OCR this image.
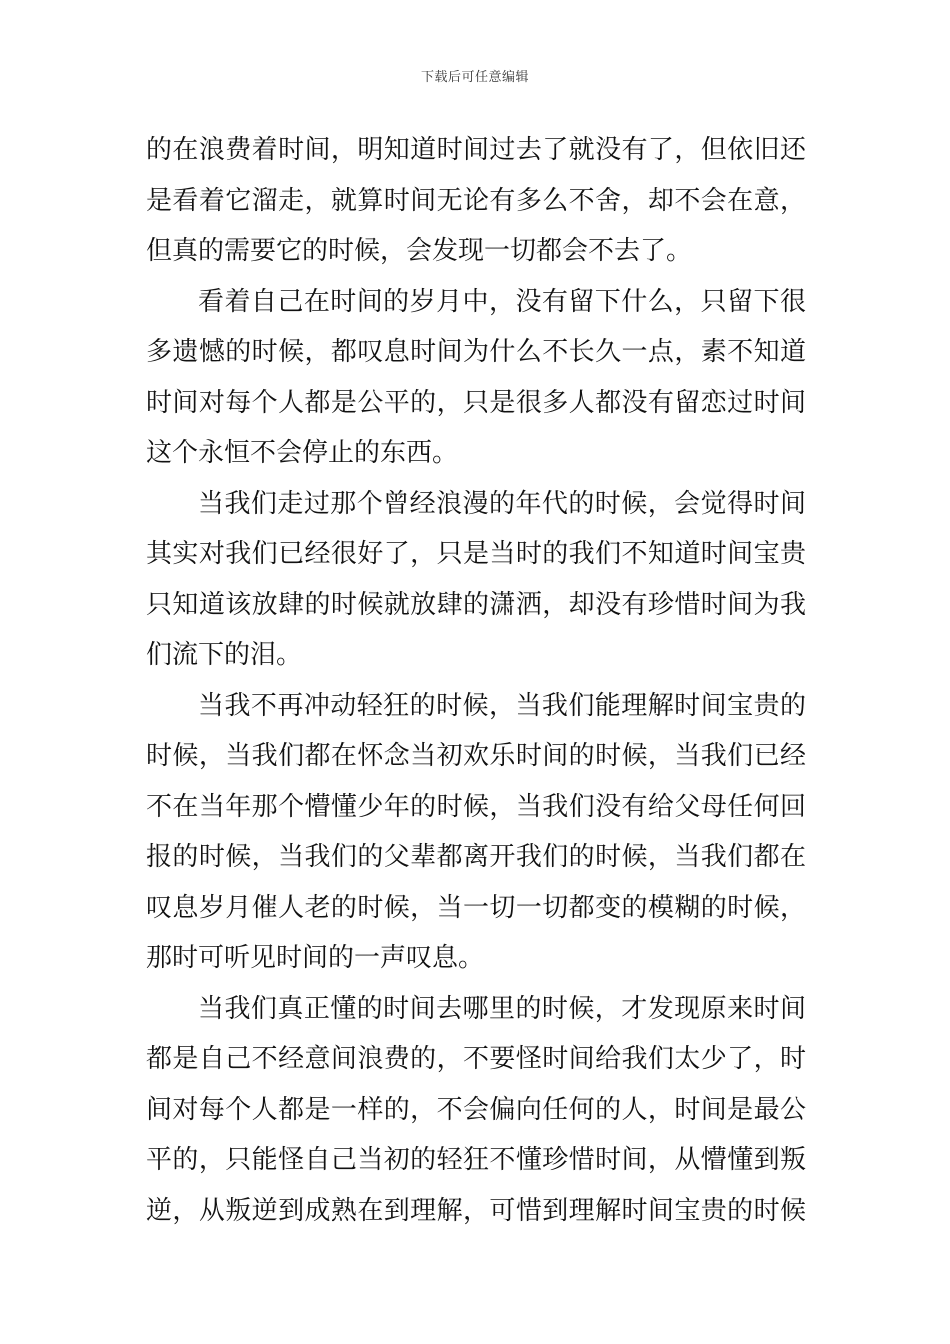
下载后可任意编辑

的在浪费着时间，明知道时间过去了就没有了，但依旧还
是看着它溜走，就算时间无论有多么不舍，却不会在意，
但真的需要它的时候，会发现一切都会不去了。

看着自己在时间的岁月中，没有留下什么，只留下很
多遗憾的时候，都叹息时间为什么不长久一点，素不知道
时间对每个人都是公平的，只是很多人都没有留恋过时间
这个永恒不会停止的东西。

当我们走过那个曾经浪漫的年代的时候，会觉得时间
其实对我们已经很好了，只是当时的我们不知道时间宝贵
只知道该放肆的时候就放肆的潇洒，却没有珍惜时间为我
们流下的泪。

当我不再冲动轻狂的时候，当我们能理解时间宝贵的
时候，当我们都在怀念当初欢乐时间的时候，当我们已经
不在当年那个懵懂少年的时候，当我们没有给父母任何回
报的时候，当我们的父辈都离开我们的时候，当我们都在
叹息岁月催人老的时候，当一切一切都变的模糊的时候，
那时可听见时间的一声叹息。

当我们真正懂的时间去哪里的时候，才发现原来时间
都是自己不经意间浪费的，不要怪时间给我们太少了，时
间对每个人都是一样的，不会偏向任何的人，时间是最公
平的，只能怪自己当初的轻狂不懂珍惜时间，从懵懂到叛
逆，从叛逆到成熟在到理解，可惜到理解时间宝贵的时候
